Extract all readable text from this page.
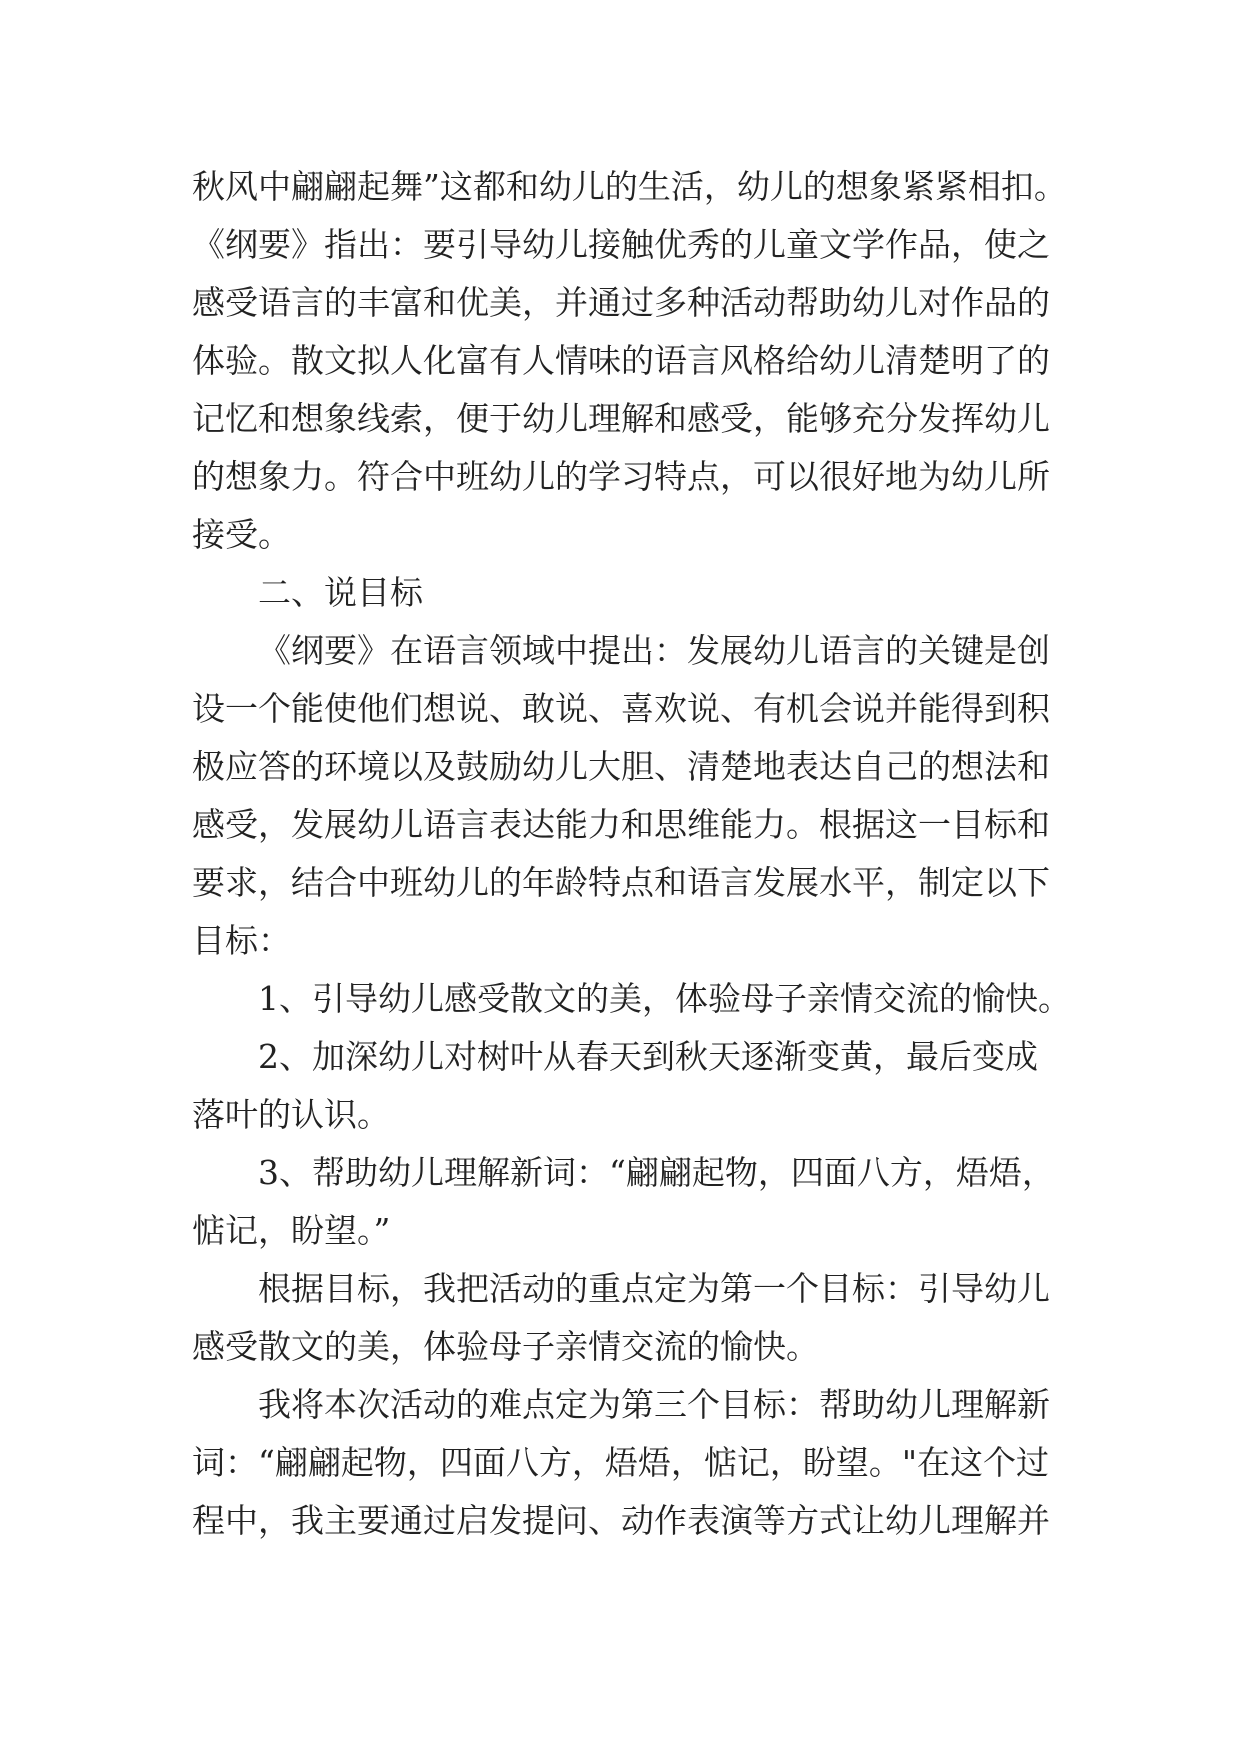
秋风中翩翩起舞”这都和幼儿的生活，幼儿的想象紧紧相扣。
《纲要》指出：要引导幼儿接触优秀的儿童文学作品，使之
感受语言的丰富和优美，并通过多种活动帮助幼儿对作品的
体验。散文拟人化富有人情味的语言风格给幼儿清楚明了的
记忆和想象线索，便于幼儿理解和感受，能够充分发挥幼儿
的想象力。符合中班幼儿的学习特点，可以很好地为幼儿所
接受。
二、说目标
《纲要》在语言领域中提出：发展幼儿语言的关键是创
设一个能使他们想说、敢说、喜欢说、有机会说并能得到积
极应答的环境以及鼓励幼儿大胆、清楚地表达自己的想法和
感受，发展幼儿语言表达能力和思维能力。根据这一目标和
要求，结合中班幼儿的年龄特点和语言发展水平，制定以下
目标：
1、引导幼儿感受散文的美，体验母子亲情交流的愉快。
2、加深幼儿对树叶从春天到秋天逐渐变黄，最后变成
落叶的认识。
3、帮助幼儿理解新词：“翩翩起物，四面八方，焐焐，
惦记，盼望。”
根据目标，我把活动的重点定为第一个目标：引导幼儿
感受散文的美，体验母子亲情交流的愉快。
我将本次活动的难点定为第三个目标：帮助幼儿理解新
词：“翩翩起物，四面八方，焐焐，惦记，盼望。"在这个过
程中，我主要通过启发提问、动作表演等方式让幼儿理解并
